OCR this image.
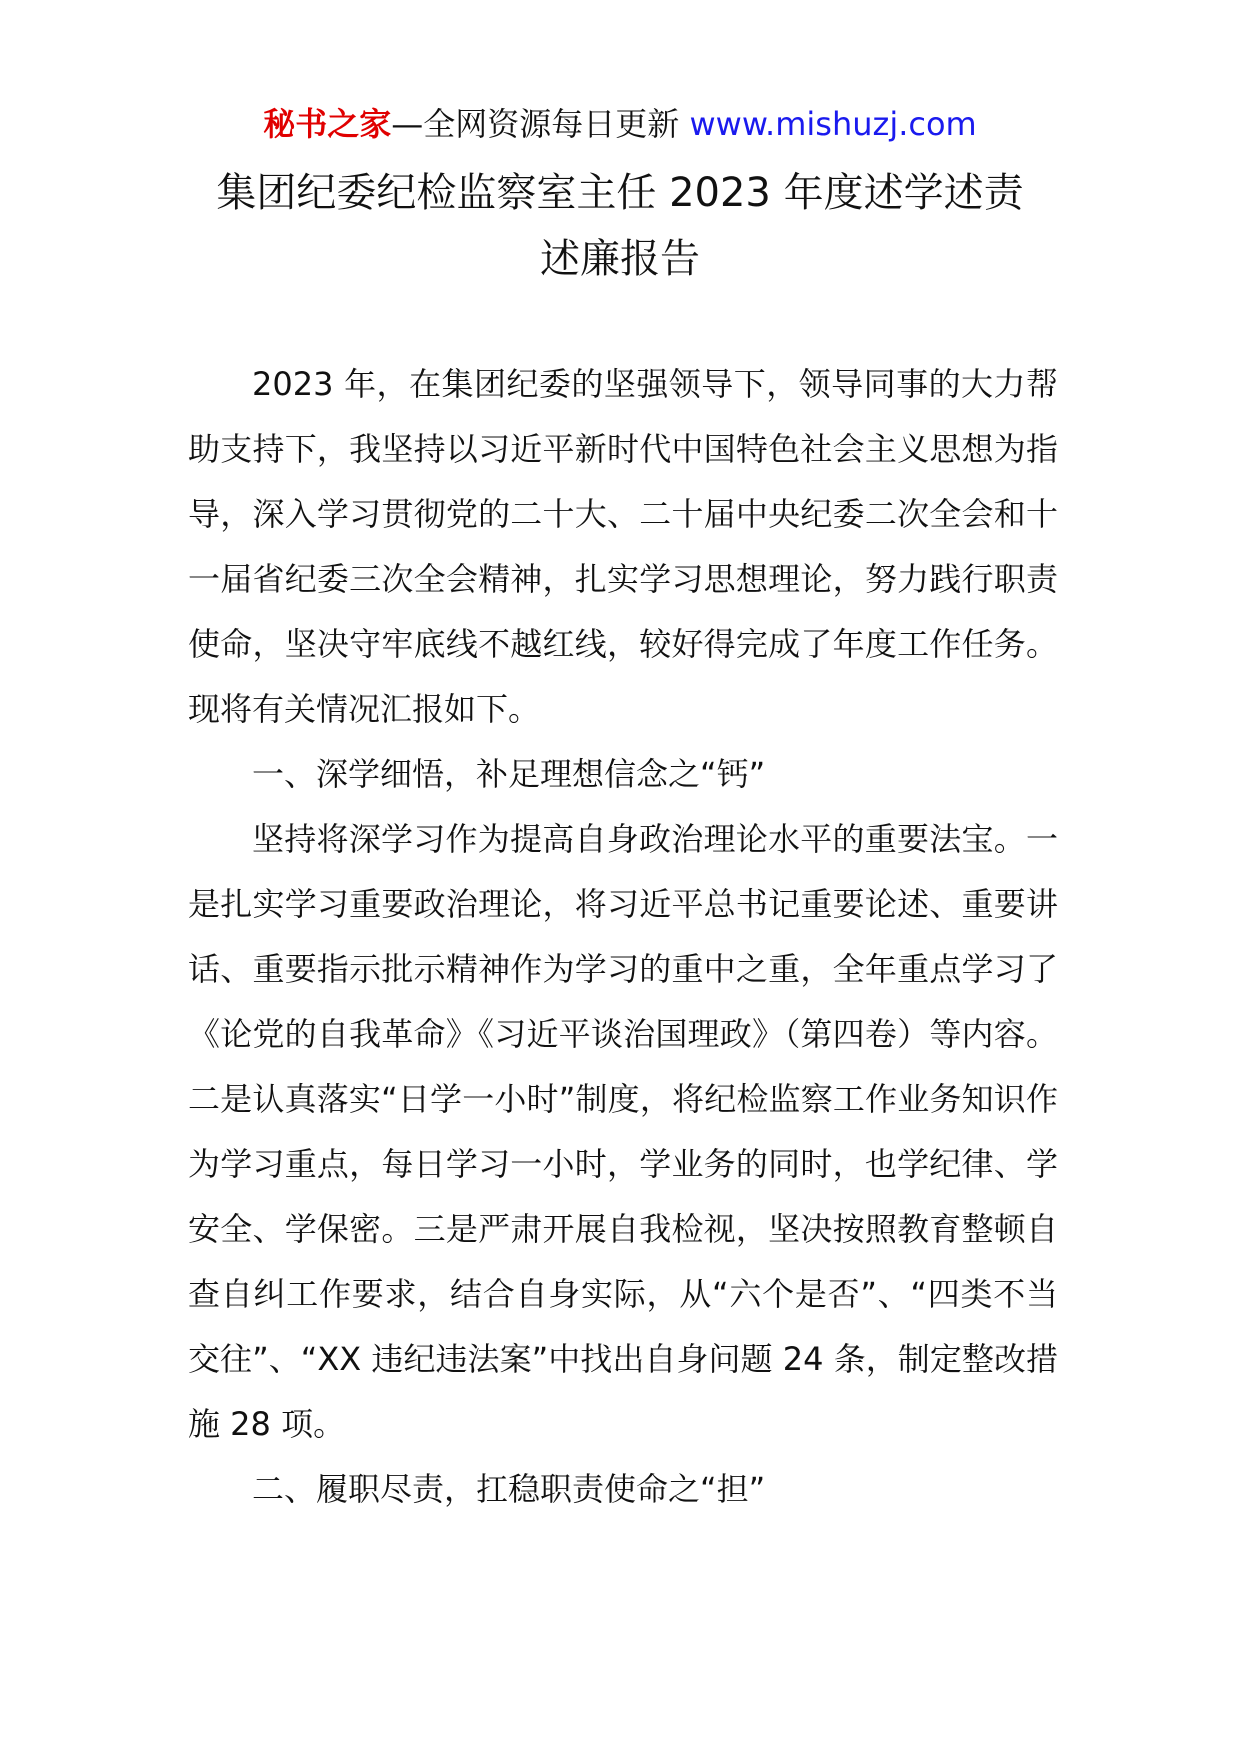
秘书之家—全网资源每日更新 www.mishuzj.com
集团纪委纪检监察室主任 2023 年度述学述责
述廉报告

2023 年，在集团纪委的坚强领导下，领导同事的大力帮助支持下，我坚持以习近平新时代中国特色社会主义思想为指导，深入学习贯彻党的二十大、二十届中央纪委二次全会和十一届省纪委三次全会精神，扎实学习思想理论，努力践行职责使命，坚决守牢底线不越红线，较好得完成了年度工作任务。现将有关情况汇报如下。

一、深学细悟，补足理想信念之“钙”

坚持将深学习作为提高自身政治理论水平的重要法宝。一是扎实学习重要政治理论，将习近平总书记重要论述、重要讲话、重要指示批示精神作为学习的重中之重，全年重点学习了《论党的自我革命》《习近平谈治国理政》（第四卷）等内容。二是认真落实“日学一小时”制度，将纪检监察工作业务知识作为学习重点，每日学习一小时，学业务的同时，也学纪律、学安全、学保密。三是严肃开展自我检视，坚决按照教育整顿自查自纠工作要求，结合自身实际，从“六个是否”、“四类不当交往”、“XX 违纪违法案”中找出自身问题 24 条，制定整改措施 28 项。

二、履职尽责，扛稳职责使命之“担”
